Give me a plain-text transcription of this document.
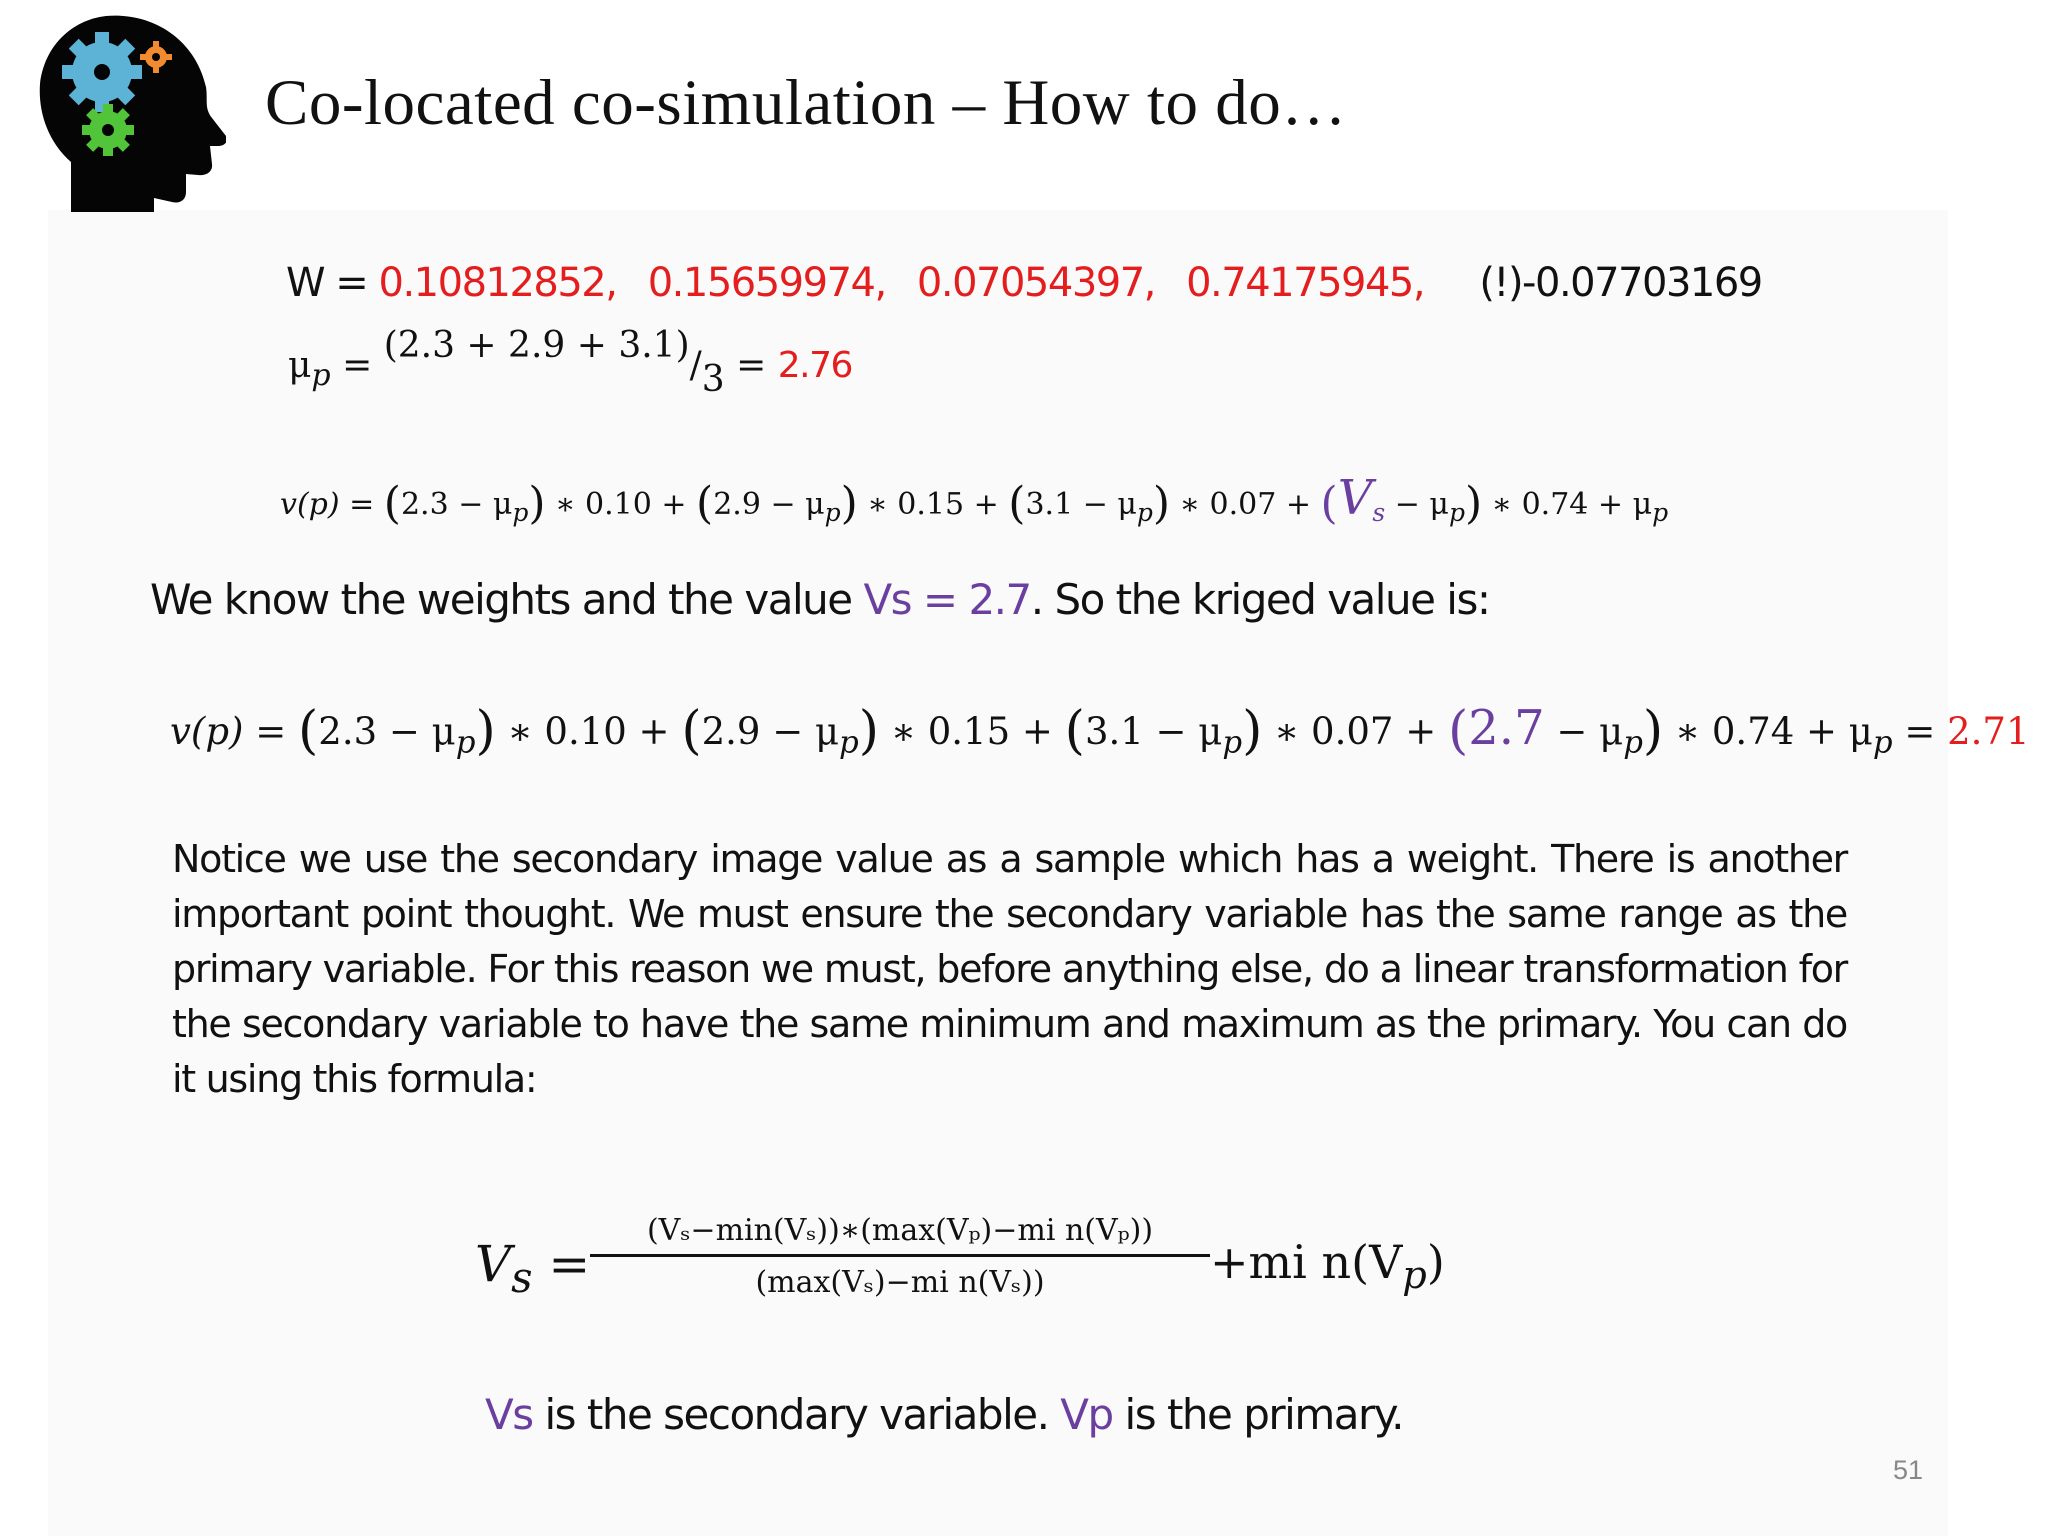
Co-located co-simulation – How to do…
W = 0.10812852, 0.15659974, 0.07054397, 0.74175945, (!)-0.07703169
$\mu_p = (2.3 + 2.9 + 3.1)/3 = 2.76$
$v(p) = (2.3 - \mu_p)$ ∗ $0.10 + (2.9 - \mu_p)$ ∗ $0.15 + (3.1 - \mu_p)$ ∗ $0.07 + (V_s - \mu_p)$ ∗ $0.74 + \mu_p$
We know the weights and the value Vs = 2.7. So the kriged value is:
$v(p) = (2.3 - \mu_p)$ ∗ $0.10 + (2.9 - \mu_p)$ ∗ $0.15 + (3.1 - \mu_p)$ ∗ $0.07 + (2.7 - \mu_p)$ ∗ $0.74 + \mu_p = 2.71$
Notice we use the secondary image value as a sample which has a weight. There is another important point thought. We must ensure the secondary variable has the same range as the primary variable. For this reason we must, before anything else, do a linear transformation for the secondary variable to have the same minimum and maximum as the primary. You can do it using this formula:
$V_s$ =
(Vₛ−min(Vₛ))∗(max(Vₚ)−mi n(Vₚ))
(max(Vₛ)−mi n(Vₛ))	+mi $n(V_p)$
Vs is the secondary variable. Vp is the primary.
51
